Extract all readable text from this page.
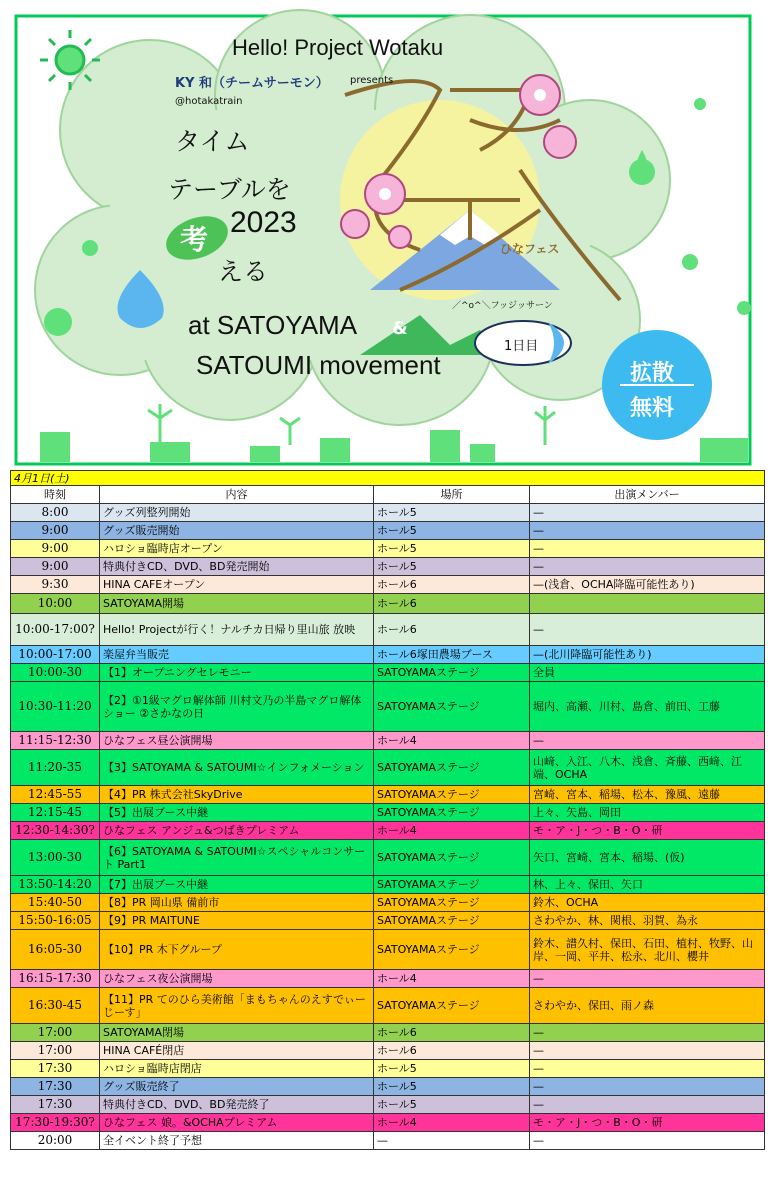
Hello! Project Wotaku
KY 和（チームサーモン） presents
@hotakatrain
タイム
テーブルを
考
える
2023
ひなフェス
／^o^＼フッジッサーン
at SATOYAMA &
SATOUMI movement
1日目
拡散
無料
4月1日(土)			
時刻	内容	場所	出演メンバー
8:00	グッズ列整列開始	ホール5	—
9:00	グッズ販売開始	ホール5	—
9:00	ハロショ臨時店オープン	ホール5	—
9:00	特典付きCD、DVD、BD発売開始	ホール5	—
9:30	HINA CAFEオープン	ホール6	—(浅倉、OCHA降臨可能性あり)
10:00	SATOYAMA開場	ホール6	
10:00-17:00?	Hello! Projectが行く！ナルチカ日帰り里山旅 放映	ホール6	—
10:00-17:00	楽屋弁当販売	ホール6塚田農場ブース	—(北川降臨可能性あり)
10:00-30	【1】オープニングセレモニー	SATOYAMAステージ	全員
10:30-11:20	【2】①1級マグロ解体師 川村文乃の半島マグロ解体ショー ②さかなの日	SATOYAMAステージ	堀内、高瀬、川村、島倉、前田、工藤
11:15-12:30	ひなフェス昼公演開場	ホール4	—
11:20-35	【3】SATOYAMA & SATOUMI☆インフォメーション	SATOYAMAステージ	山﨑、入江、八木、浅倉、斉藤、西﨑、江端、OCHA
12:45-55	【4】PR 株式会社SkyDrive	SATOYAMAステージ	宮崎、宮本、稲場、松本、豫風、遠藤
12:15-45	【5】出展ブース中継	SATOYAMAステージ	上々、矢島、岡田
12:30-14:30?	ひなフェス アンジュ&つばきプレミアム	ホール4	モ・ア・J・つ・B・O・研
13:00-30	【6】SATOYAMA & SATOUMI☆スペシャルコンサート Part1	SATOYAMAステージ	矢口、宮崎、宮本、稲場、(仮)
13:50-14:20	【7】出展ブース中継	SATOYAMAステージ	林、上々、保田、矢口
15:40-50	【8】PR 岡山県 備前市	SATOYAMAステージ	鈴木、OCHA
15:50-16:05	【9】PR MAITUNE	SATOYAMAステージ	さわやか、林、関根、羽賀、為永
16:05-30	【10】PR 木下グループ	SATOYAMAステージ	鈴木、譜久村、保田、石田、植村、牧野、山岸、一岡、平井、松永、北川、櫻井
16:15-17:30	ひなフェス夜公演開場	ホール4	—
16:30-45	【11】PR てのひら美術館「まもちゃんのえすでぃーじーす」	SATOYAMAステージ	さわやか、保田、雨ノ森
17:00	SATOYAMA閉場	ホール6	—
17:00	HINA CAFÉ閉店	ホール6	—
17:30	ハロショ臨時店閉店	ホール5	—
17:30	グッズ販売終了	ホール5	—
17:30	特典付きCD、DVD、BD発売終了	ホール5	—
17:30-19:30?	ひなフェス 娘。&OCHAプレミアム	ホール4	モ・ア・J・つ・B・O・研
20:00	全イベント終了予想	—	—
